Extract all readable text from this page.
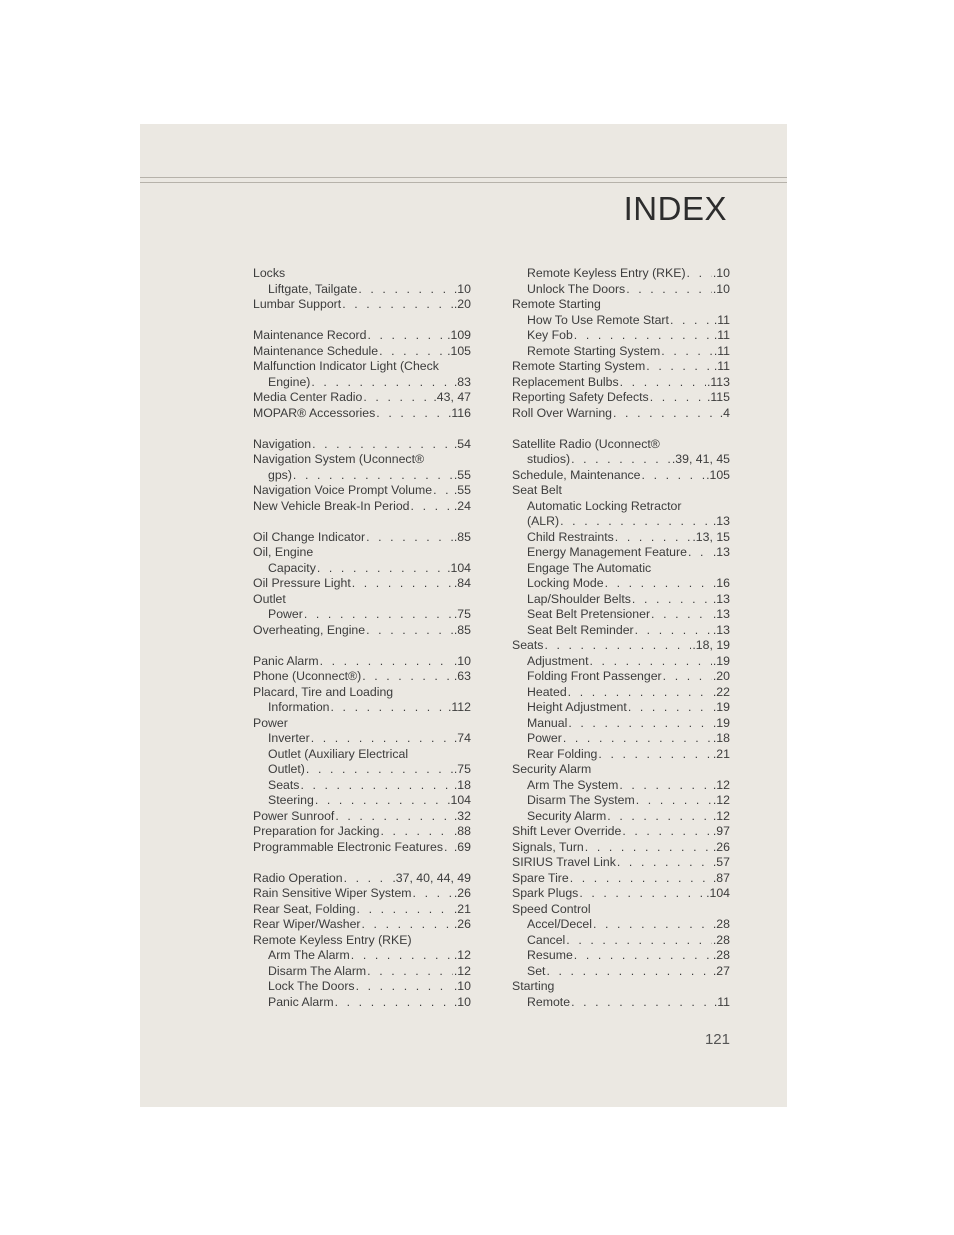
INDEX
Locks
Liftgate, Tailgate . . .	.10
Lumbar Support . . .	.20
Maintenance Record . . .	.109
Maintenance Schedule . . .	.105
Malfunction Indicator Light (Check
Engine) . . .	.83
Media Center Radio . . .	.43, 47
MOPAR® Accessories . . .	.116
Navigation . . .	.54
Navigation System (Uconnect®
gps) . . .	.55
Navigation Voice Prompt Volume . . . .55
New Vehicle Break-In Period . . .	.24
Oil Change Indicator . . .	.85
Oil, Engine
Capacity . . .	.104
Oil Pressure Light . . .	.84
Outlet
Power . . .	.75
Overheating, Engine . . .	.85
Panic Alarm . . .	.10
Phone (Uconnect®) . . .	.63
Placard, Tire and Loading
Information . . .	.112
Power
Inverter . . .	.74
Outlet (Auxiliary Electrical
Outlet) . . .	.75
Seats . . .	.18
Steering . . .	.104
Power Sunroof . . .	.32
Preparation for Jacking . . .	.88
Programmable Electronic Features . . . .69
Radio Operation . . .	.37, 40, 44, 49
Rain Sensitive Wiper System . . .	.26
Rear Seat, Folding . . .	.21
Rear Wiper/Washer . . .	.26
Remote Keyless Entry (RKE)
Arm The Alarm . . .	.12
Disarm The Alarm . . .	.12
Lock The Doors . . .	.10
Panic Alarm . . .	.10
Remote Keyless Entry (RKE) . . . .10
Unlock The Doors . . .	.10
Remote Starting
How To Use Remote Start . . .	.11
Key Fob . . .	.11
Remote Starting System . . .	.11
Remote Starting System . . .	.11
Replacement Bulbs . . .	.113
Reporting Safety Defects . . .	.115
Roll Over Warning . . .	.4
Satellite Radio (Uconnect®
studios) . . .	.39, 41, 45
Schedule, Maintenance . . .	.105
Seat Belt
Automatic Locking Retractor
(ALR) . . .	.13
Child Restraints . . .	.13, 15
Energy Management Feature . . . .13
Engage The Automatic
Locking Mode . . .	.16
Lap/Shoulder Belts . . .	.13
Seat Belt Pretensioner . . .	.13
Seat Belt Reminder . . .	.13
Seats . . .	.18, 19
Adjustment . . .	.19
Folding Front Passenger . . .	.20
Heated . . .	.22
Height Adjustment . . .	.19
Manual . . .	.19
Power . . .	.18
Rear Folding . . .	.21
Security Alarm
Arm The System . . .	.12
Disarm The System . . .	.12
Security Alarm . . .	.12
Shift Lever Override . . .	.97
Signals, Turn . . .	.26
SIRIUS Travel Link . . .	.57
Spare Tire . . .	.87
Spark Plugs . . .	.104
Speed Control
Accel/Decel . . .	.28
Cancel . . .	.28
Resume . . .	.28
Set . . .	.27
Starting
Remote . . .	.11
121
